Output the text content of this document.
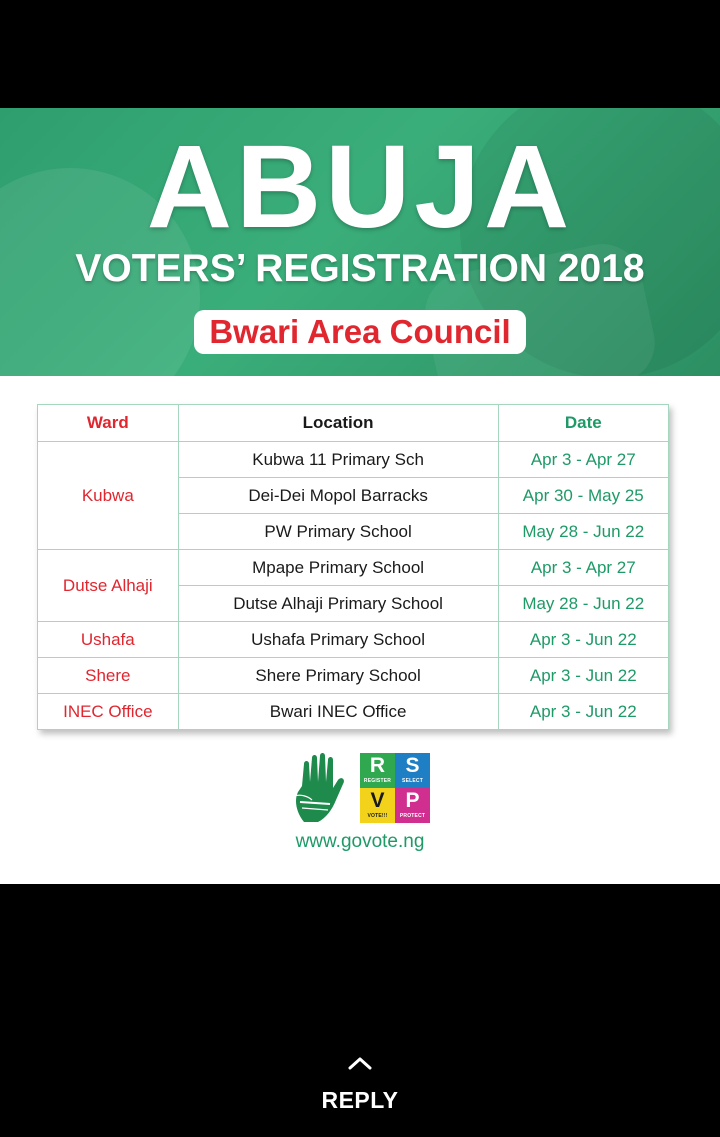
ABUJA
VOTERS’ REGISTRATION 2018
Bwari Area Council
Ward	Location	Date
Kubwa	Kubwa 11 Primary Sch	Apr 3 - Apr 27
	Dei-Dei Mopol Barracks	Apr 30 - May 25
	PW Primary School	May 28 - Jun 22
Dutse Alhaji	Mpape Primary School	Apr 3 - Apr 27
	Dutse Alhaji Primary School	May 28 - Jun 22
Ushafa	Ushafa Primary School	Apr 3 - Jun 22
Shere	Shere Primary School	Apr 3 - Jun 22
INEC Office	Bwari INEC Office	Apr 3 - Jun 22
R
REGISTER
S
SELECT
V
VOTE!!!
P
PROTECT
www.govote.ng
REPLY
